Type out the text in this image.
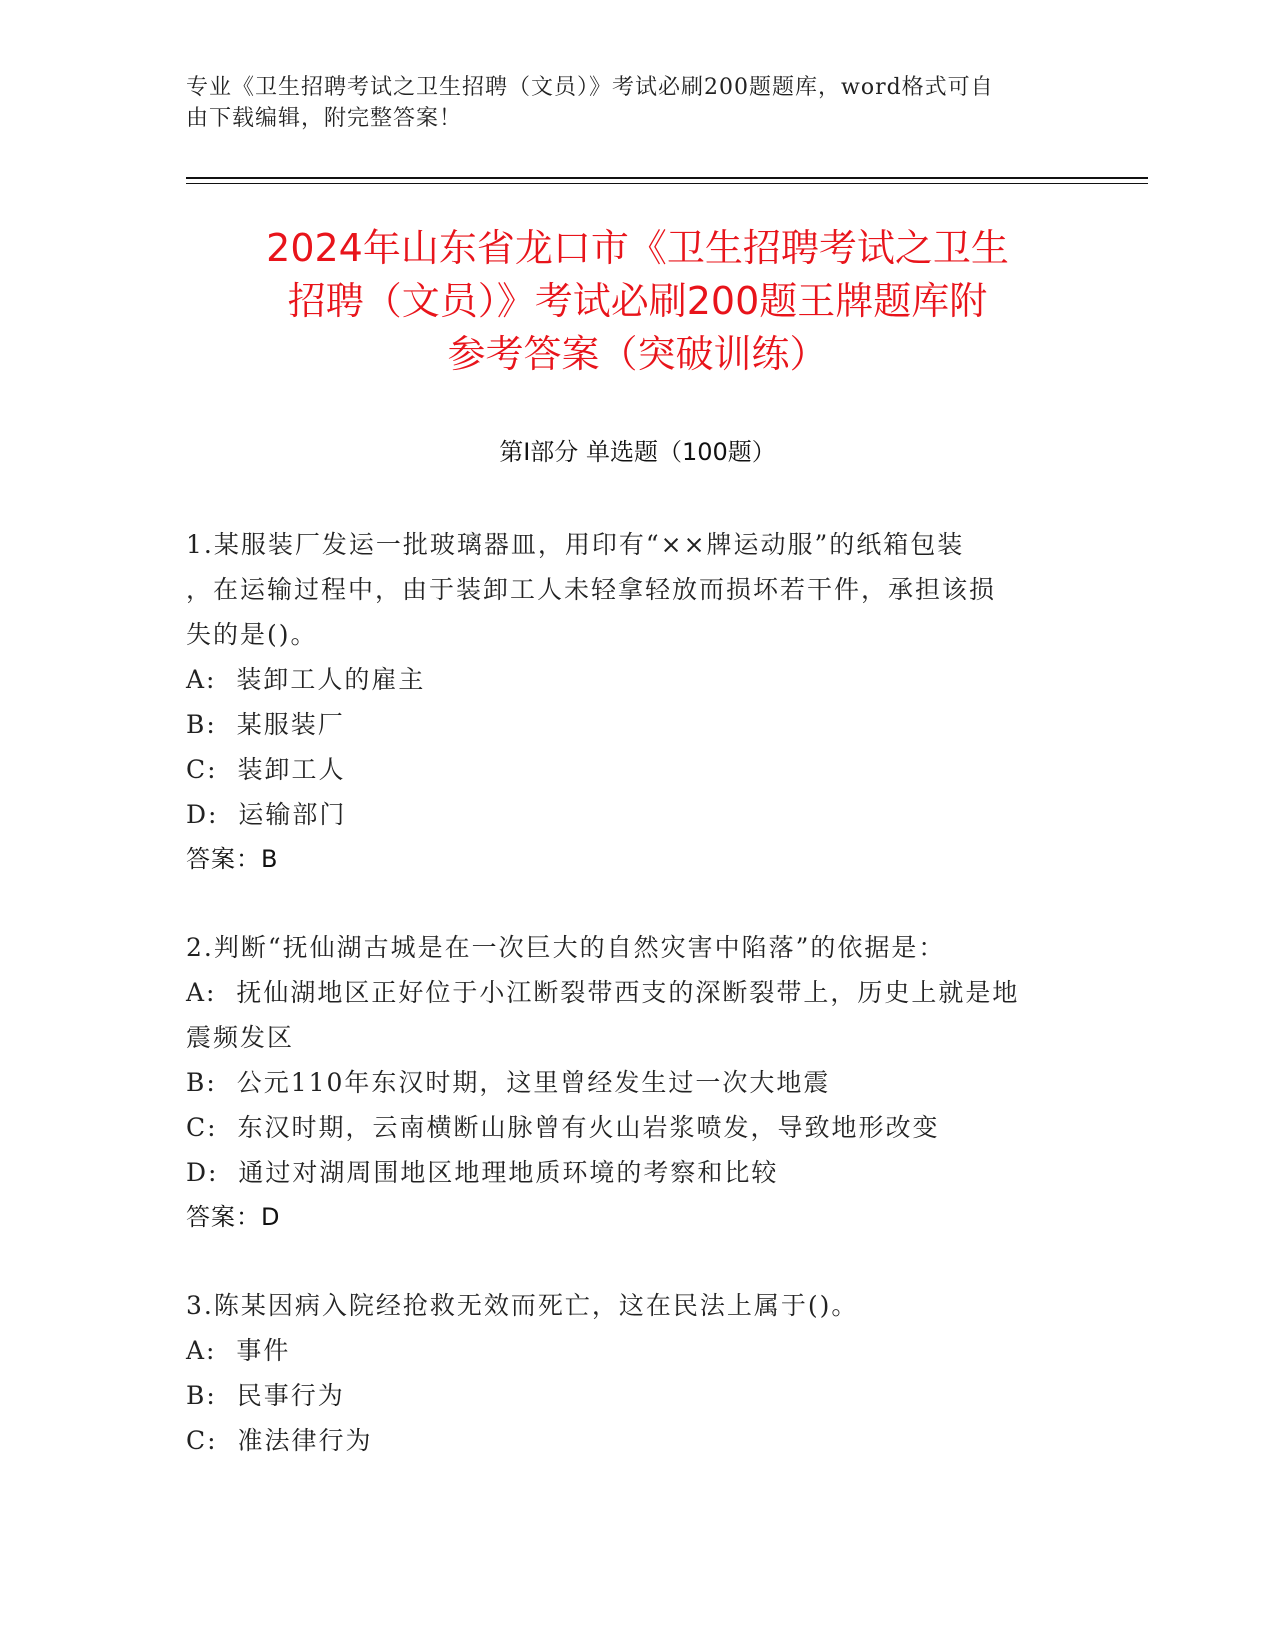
专业《卫生招聘考试之卫生招聘（文员）》考试必刷200题题库，word格式可自
由下载编辑，附完整答案！
2024年山东省龙口市《卫生招聘考试之卫生
招聘（文员）》考试必刷200题王牌题库附
参考答案（突破训练）
第I部分 单选题（100题）
1.某服装厂发运一批玻璃器皿，用印有“××牌运动服”的纸箱包装
，在运输过程中，由于装卸工人未轻拿轻放而损坏若干件，承担该损
失的是()。
A:  装卸工人的雇主
B:  某服装厂
C:  装卸工人
D:  运输部门
答案：B
2.判断“抚仙湖古城是在一次巨大的自然灾害中陷落”的依据是：
A:  抚仙湖地区正好位于小江断裂带西支的深断裂带上，历史上就是地
震频发区
B:  公元110年东汉时期，这里曾经发生过一次大地震
C:  东汉时期，云南横断山脉曾有火山岩浆喷发，导致地形改变
D:  通过对湖周围地区地理地质环境的考察和比较
答案：D
3.陈某因病入院经抢救无效而死亡，这在民法上属于()。
A:  事件
B:  民事行为
C:  准法律行为
